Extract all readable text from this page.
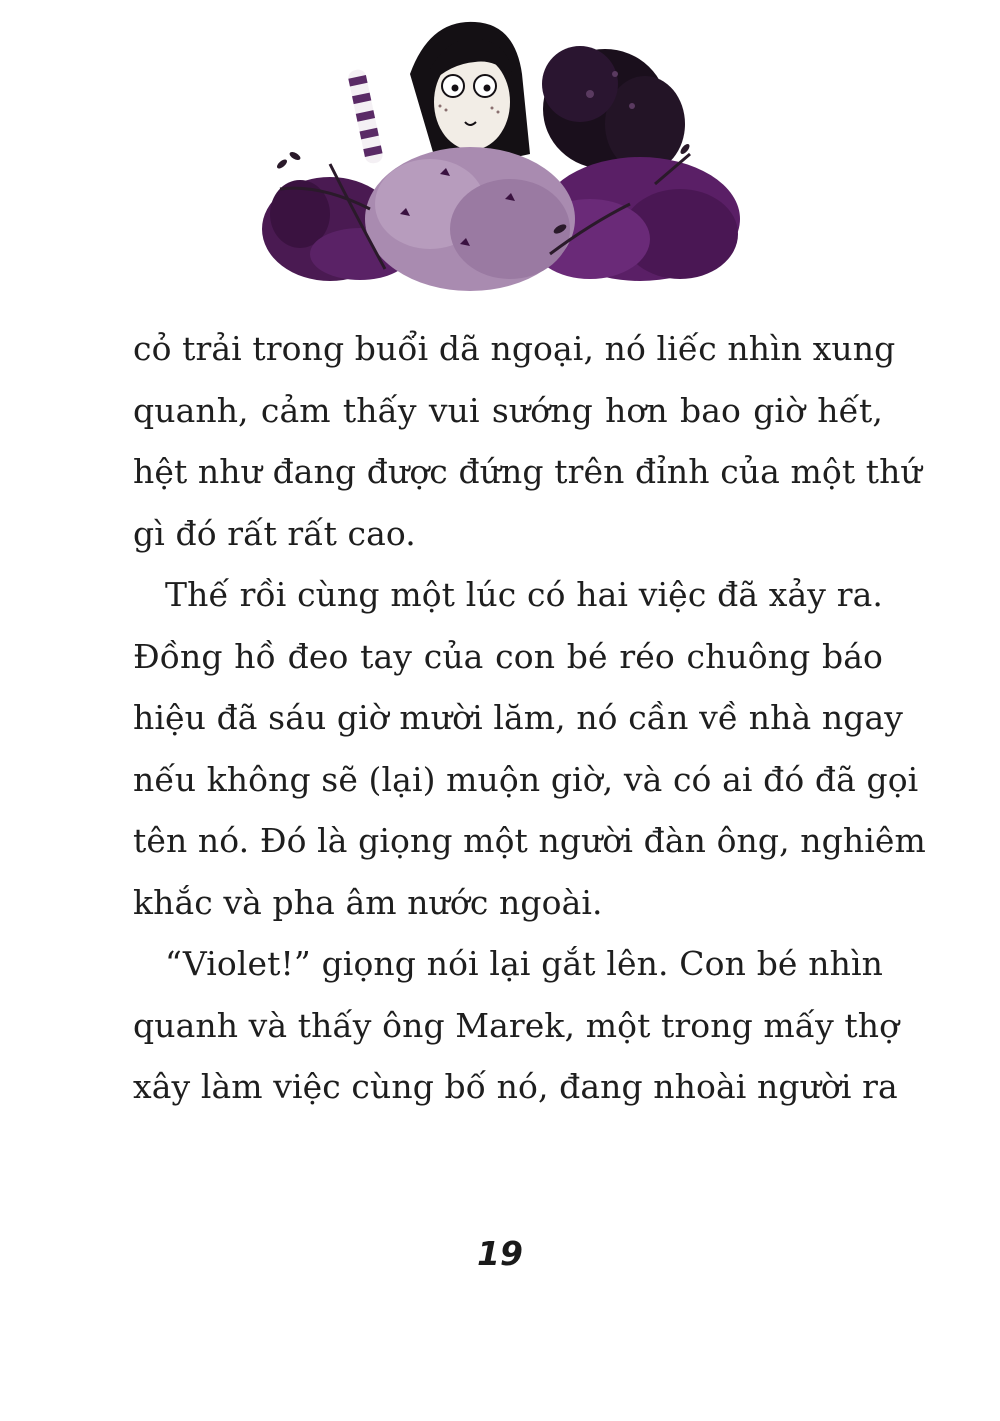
cỏ trải trong buổi dã ngoại, nó liếc nhìn xung
quanh, cảm thấy vui sướng hơn bao giờ hết,
hệt như đang được đứng trên đỉnh của một thứ
gì đó rất rất cao.
Thế rồi cùng một lúc có hai việc đã xảy ra.
Đồng hồ đeo tay của con bé réo chuông báo
hiệu đã sáu giờ mười lăm, nó cần về nhà ngay
nếu không sẽ (lại) muộn giờ, và có ai đó đã gọi
tên nó. Đó là giọng một người đàn ông, nghiêm
khắc và pha âm nước ngoài.
“Violet!” giọng nói lại gắt lên. Con bé nhìn
quanh và thấy ông Marek, một trong mấy thợ
xây làm việc cùng bố nó, đang nhoài người ra
19
